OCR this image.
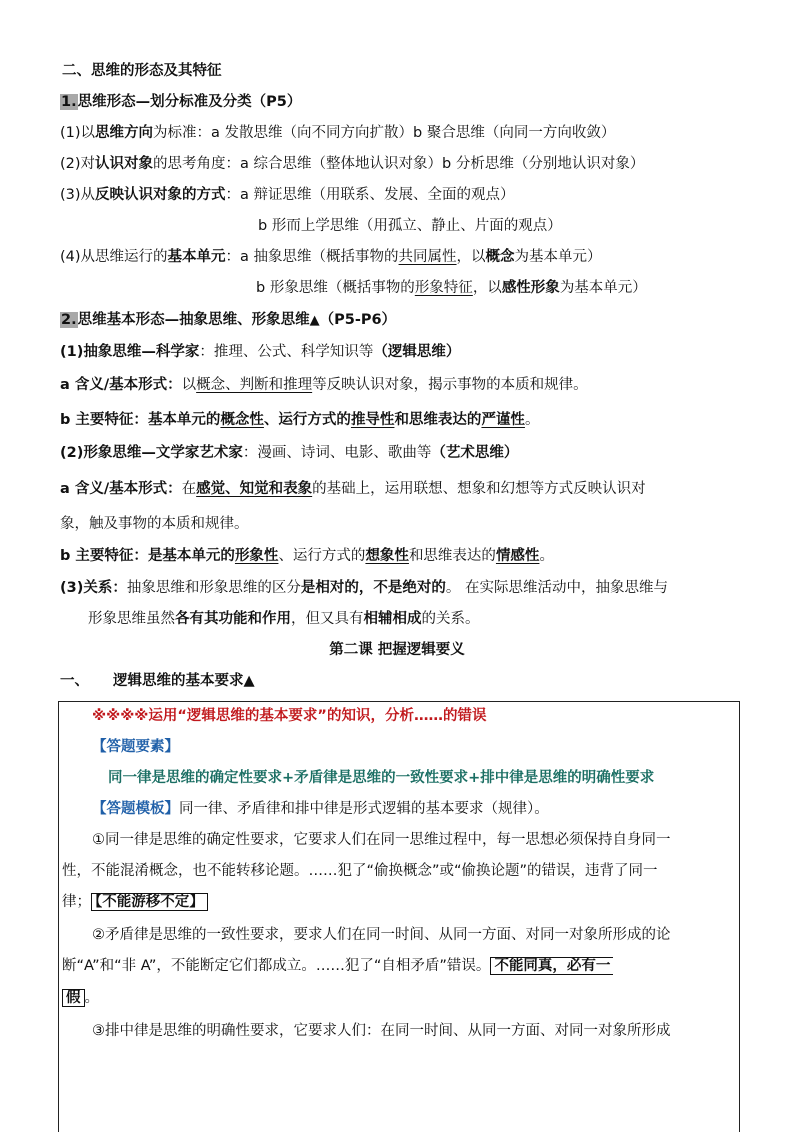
二、思维的形态及其特征
1.思维形态—划分标准及分类（P5）
(1)以思维方向为标准：a 发散思维（向不同方向扩散）b 聚合思维（向同一方向收敛）
(2)对认识对象的思考角度：a 综合思维（整体地认识对象）b 分析思维（分别地认识对象）
(3)从反映认识对象的方式：a 辩证思维（用联系、发展、全面的观点）
b 形而上学思维（用孤立、静止、片面的观点）
(4)从思维运行的基本单元：a 抽象思维（概括事物的共同属性，以概念为基本单元）
b 形象思维（概括事物的形象特征，以感性形象为基本单元）
2.思维基本形态—抽象思维、形象思维▲（P5-P6）
(1)抽象思维—科学家：推理、公式、科学知识等（逻辑思维）
a 含义/基本形式：以概念、判断和推理等反映认识对象，揭示事物的本质和规律。
b 主要特征：基本单元的概念性、运行方式的推导性和思维表达的严谨性。
(2)形象思维—文学家艺术家：漫画、诗词、电影、歌曲等（艺术思维）
a 含义/基本形式：在感觉、知觉和表象的基础上，运用联想、想象和幻想等方式反映认识对
象，触及事物的本质和规律。
b 主要特征：是基本单元的形象性、运行方式的想象性和思维表达的情感性。
(3)关系：抽象思维和形象思维的区分是相对的，不是绝对的。 在实际思维活动中，抽象思维与
形象思维虽然各有其功能和作用，但又具有相辅相成的关系。
第二课 把握逻辑要义
一、 逻辑思维的基本要求▲
※※※※运用“逻辑思维的基本要求”的知识，分析……的错误
【答题要素】
同一律是思维的确定性要求+矛盾律是思维的一致性要求+排中律是思维的明确性要求
【答题模板】同一律、矛盾律和排中律是形式逻辑的基本要求（规律）。
①同一律是思维的确定性要求，它要求人们在同一思维过程中，每一思想必须保持自身同一
性，不能混淆概念，也不能转移论题。……犯了“偷换概念”或“偷换论题”的错误，违背了同一
律； 【不能游移不定】
②矛盾律是思维的一致性要求，要求人们在同一时间、从同一方面、对同一对象所形成的论
断“A”和“非 A”，不能断定它们都成立。……犯了“自相矛盾”错误。 不能同真，必有一
假 。
③排中律是思维的明确性要求，它要求人们：在同一时间、从同一方面、对同一对象所形成
